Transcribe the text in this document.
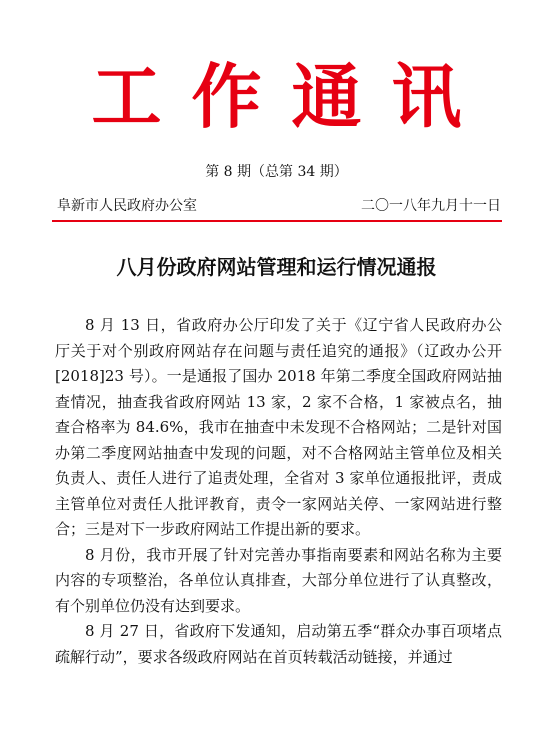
工作通讯
第 8 期（总第 34 期）
阜新市人民政府办公室	二〇一八年九月十一日
八月份政府网站管理和运行情况通报

8 月 13 日，省政府办公厅印发了关于《辽宁省人民政府办公厅关于对个别政府网站存在问题与责任追究的通报》（辽政办公开[2018]23 号）。一是通报了国办 2018 年第二季度全国政府网站抽查情况，抽查我省政府网站 13 家，2 家不合格，1 家被点名，抽查合格率为 84.6%，我市在抽查中未发现不合格网站；二是针对国办第二季度网站抽查中发现的问题，对不合格网站主管单位及相关负责人、责任人进行了追责处理，全省对 3 家单位通报批评，责成主管单位对责任人批评教育，责令一家网站关停、一家网站进行整合；三是对下一步政府网站工作提出新的要求。

8 月份，我市开展了针对完善办事指南要素和网站名称为主要内容的专项整治，各单位认真排查，大部分单位进行了认真整改，有个别单位仍没有达到要求。

8 月 27 日，省政府下发通知，启动第五季“群众办事百项堵点疏解行动”，要求各级政府网站在首页转载活动链接，并通过
